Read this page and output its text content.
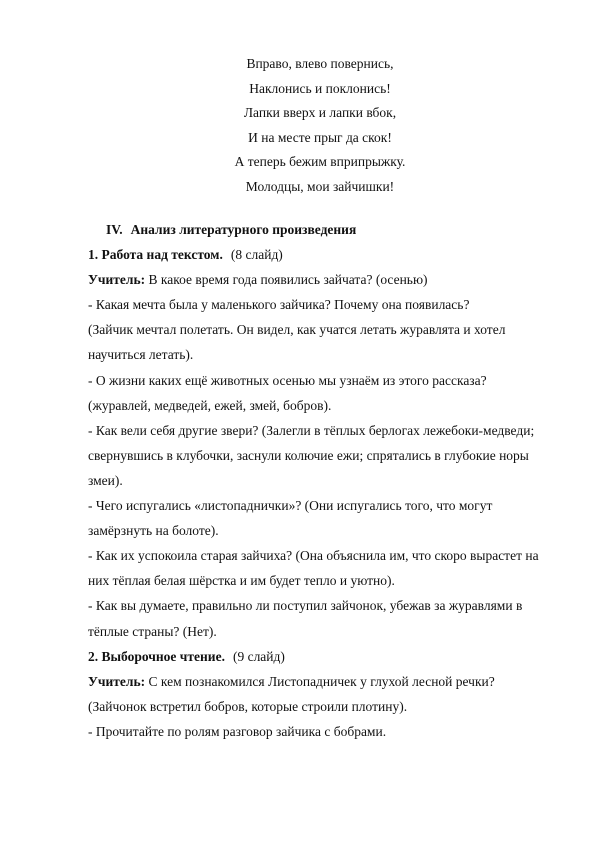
Вправо, влево повернись,
Наклонись и поклонись!
Лапки вверх и лапки вбок,
И на месте прыг да скок!
А теперь бежим вприпрыжку.
Молодцы, мои зайчишки!
IV. Анализ литературного произведения
1. Работа над текстом. (8 слайд)
Учитель: В какое время года появились зайчата? (осенью)
- Какая мечта была у маленького зайчика? Почему она появилась?
(Зайчик мечтал полетать. Он видел, как учатся летать журавлята и хотел
научиться летать).
- О жизни каких ещё животных осенью мы узнаём из этого рассказа?
(журавлей, медведей, ежей, змей, бобров).
- Как вели себя другие звери? (Залегли в тёплых берлогах лежебоки-медведи;
свернувшись в клубочки, заснули колючие ежи; спрятались в глубокие норы
змеи).
- Чего испугались «листопаднички»? (Они испугались того, что могут
замёрзнуть на болоте).
- Как их успокоила старая зайчиха? (Она объяснила им, что скоро вырастет на
них тёплая белая шёрстка и им будет тепло и уютно).
- Как вы думаете, правильно ли поступил зайчонок, убежав за журавлями в
тёплые страны? (Нет).
2. Выборочное чтение. (9 слайд)
Учитель: С кем познакомился Листопадничек у глухой лесной речки?
(Зайчонок встретил бобров, которые строили плотину).
- Прочитайте по ролям разговор зайчика с бобрами.
